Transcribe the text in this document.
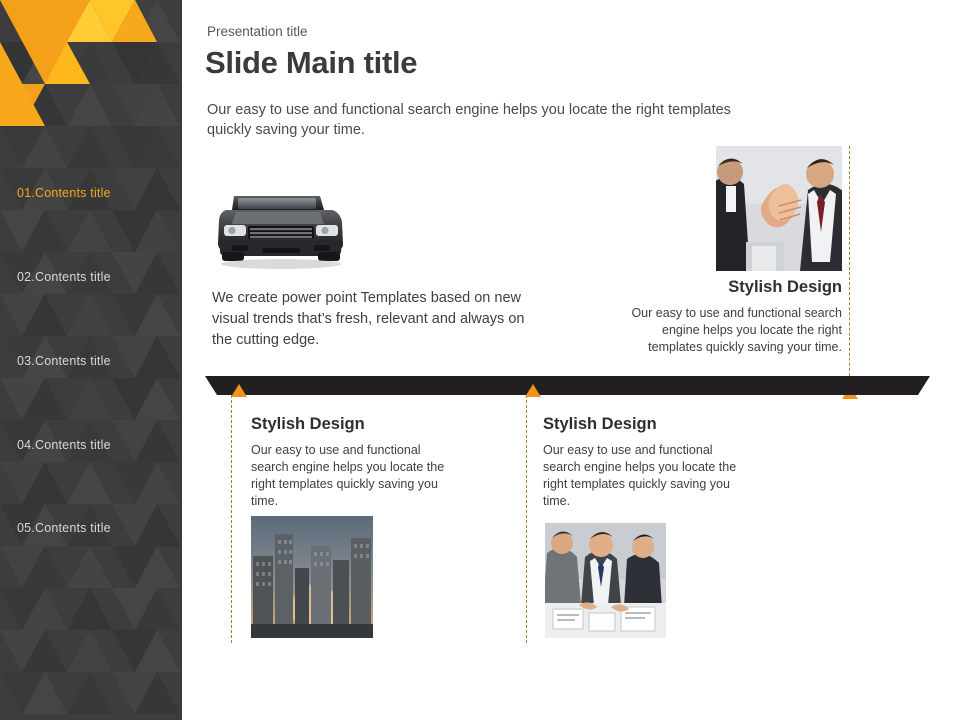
01.Contents title
02.Contents title
03.Contents title
04.Contents title
05.Contents title
Presentation title
Slide Main title
Our easy to use and functional search engine helps you locate the right templates quickly saving your time.
We create power point Templates based on new visual trends that’s fresh, relevant and always on the cutting edge.
Stylish Design
Our easy to use and functional search engine helps you locate the right templates quickly saving your time.
Stylish Design
Our easy to use and functional search engine helps you locate the right templates quickly saving you time.
Stylish Design
Our easy to use and functional search engine helps you locate the right templates quickly saving you time.
